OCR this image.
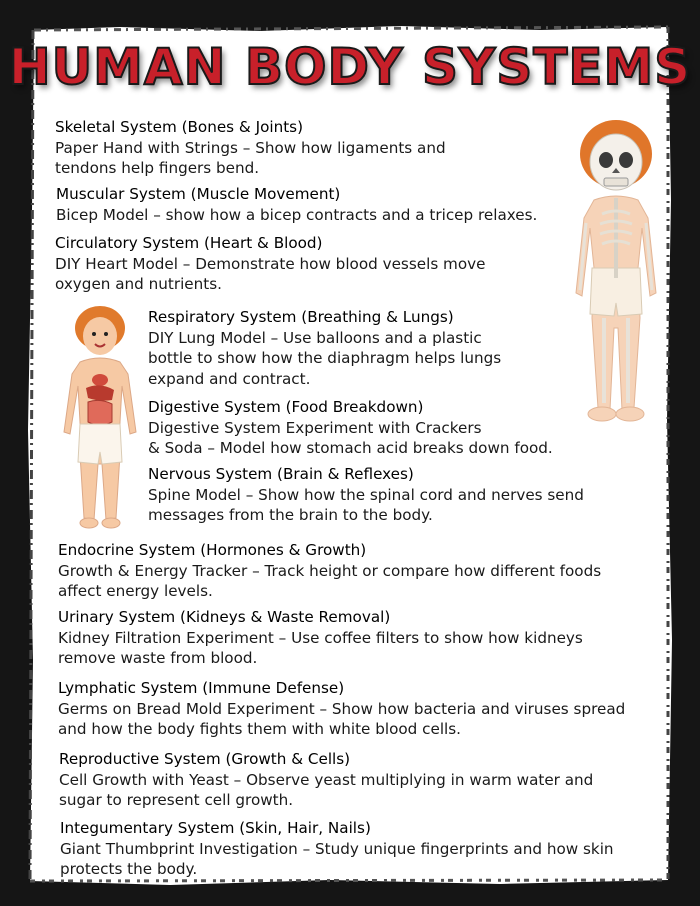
HUMAN BODY SYSTEMS
Skeletal System (Bones & Joints)
Paper Hand with Strings – Show how ligaments and
tendons help fingers bend.
Muscular System (Muscle Movement)
Bicep Model – show how a bicep contracts and a tricep relaxes.
Circulatory System (Heart & Blood)
DIY Heart Model – Demonstrate how blood vessels move
oxygen and nutrients.
Respiratory System (Breathing & Lungs)
DIY Lung Model – Use balloons and a plastic
bottle to show how the diaphragm helps lungs
expand and contract.
Digestive System (Food Breakdown)
Digestive System Experiment with Crackers
& Soda – Model how stomach acid breaks down food.
Nervous System (Brain & Reflexes)
Spine Model – Show how the spinal cord and nerves send
messages from the brain to the body.
Endocrine System (Hormones & Growth)
Growth & Energy Tracker – Track height or compare how different foods
affect energy levels.
Urinary System (Kidneys & Waste Removal)
Kidney Filtration Experiment – Use coffee filters to show how kidneys
remove waste from blood.
Lymphatic System (Immune Defense)
Germs on Bread Mold Experiment – Show how bacteria and viruses spread
and how the body fights them with white blood cells.
Reproductive System (Growth & Cells)
Cell Growth with Yeast – Observe yeast multiplying in warm water and
sugar to represent cell growth.
Integumentary System (Skin, Hair, Nails)
Giant Thumbprint Investigation – Study unique fingerprints and how skin
protects the body.
